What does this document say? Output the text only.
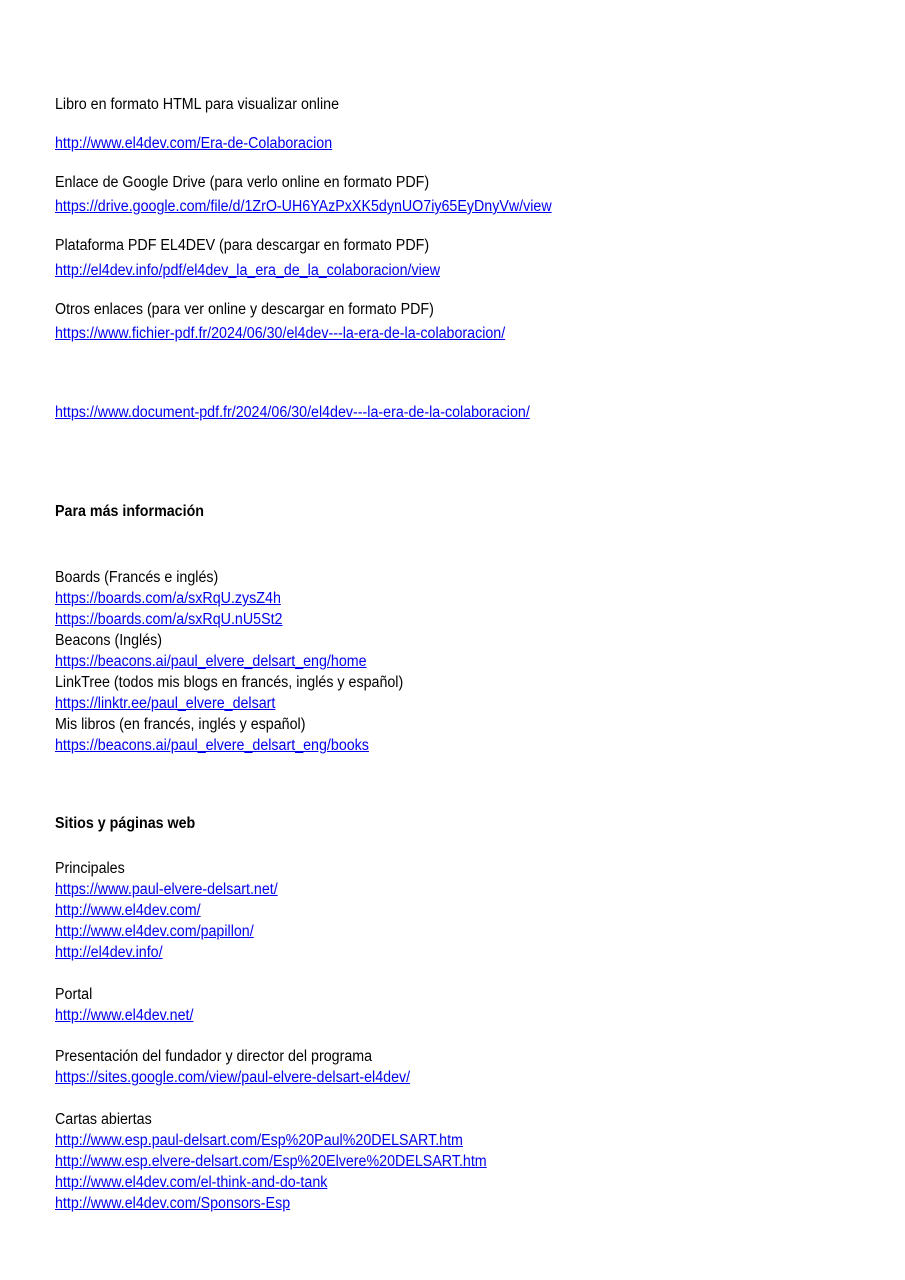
Libro en formato HTML para visualizar online
http://www.el4dev.com/Era-de-Colaboracion
Enlace de Google Drive (para verlo online en formato PDF)
https://drive.google.com/file/d/1ZrO-UH6YAzPxXK5dynUO7iy65EyDnyVw/view
Plataforma PDF EL4DEV (para descargar en formato PDF)
http://el4dev.info/pdf/el4dev_la_era_de_la_colaboracion/view
Otros enlaces (para ver online y descargar en formato PDF)
https://www.fichier-pdf.fr/2024/06/30/el4dev---la-era-de-la-colaboracion/
https://www.document-pdf.fr/2024/06/30/el4dev---la-era-de-la-colaboracion/
Para más información
Boards (Francés e inglés)
https://boards.com/a/sxRqU.zysZ4h
https://boards.com/a/sxRqU.nU5St2
Beacons (Inglés)
https://beacons.ai/paul_elvere_delsart_eng/home
LinkTree (todos mis blogs en francés, inglés y español)
https://linktr.ee/paul_elvere_delsart
Mis libros (en francés, inglés y español)
https://beacons.ai/paul_elvere_delsart_eng/books
Sitios y páginas web
Principales
https://www.paul-elvere-delsart.net/
http://www.el4dev.com/
http://www.el4dev.com/papillon/
http://el4dev.info/
Portal
http://www.el4dev.net/
Presentación del fundador y director del programa
https://sites.google.com/view/paul-elvere-delsart-el4dev/
Cartas abiertas
http://www.esp.paul-delsart.com/Esp%20Paul%20DELSART.htm
http://www.esp.elvere-delsart.com/Esp%20Elvere%20DELSART.htm
http://www.el4dev.com/el-think-and-do-tank
http://www.el4dev.com/Sponsors-Esp
